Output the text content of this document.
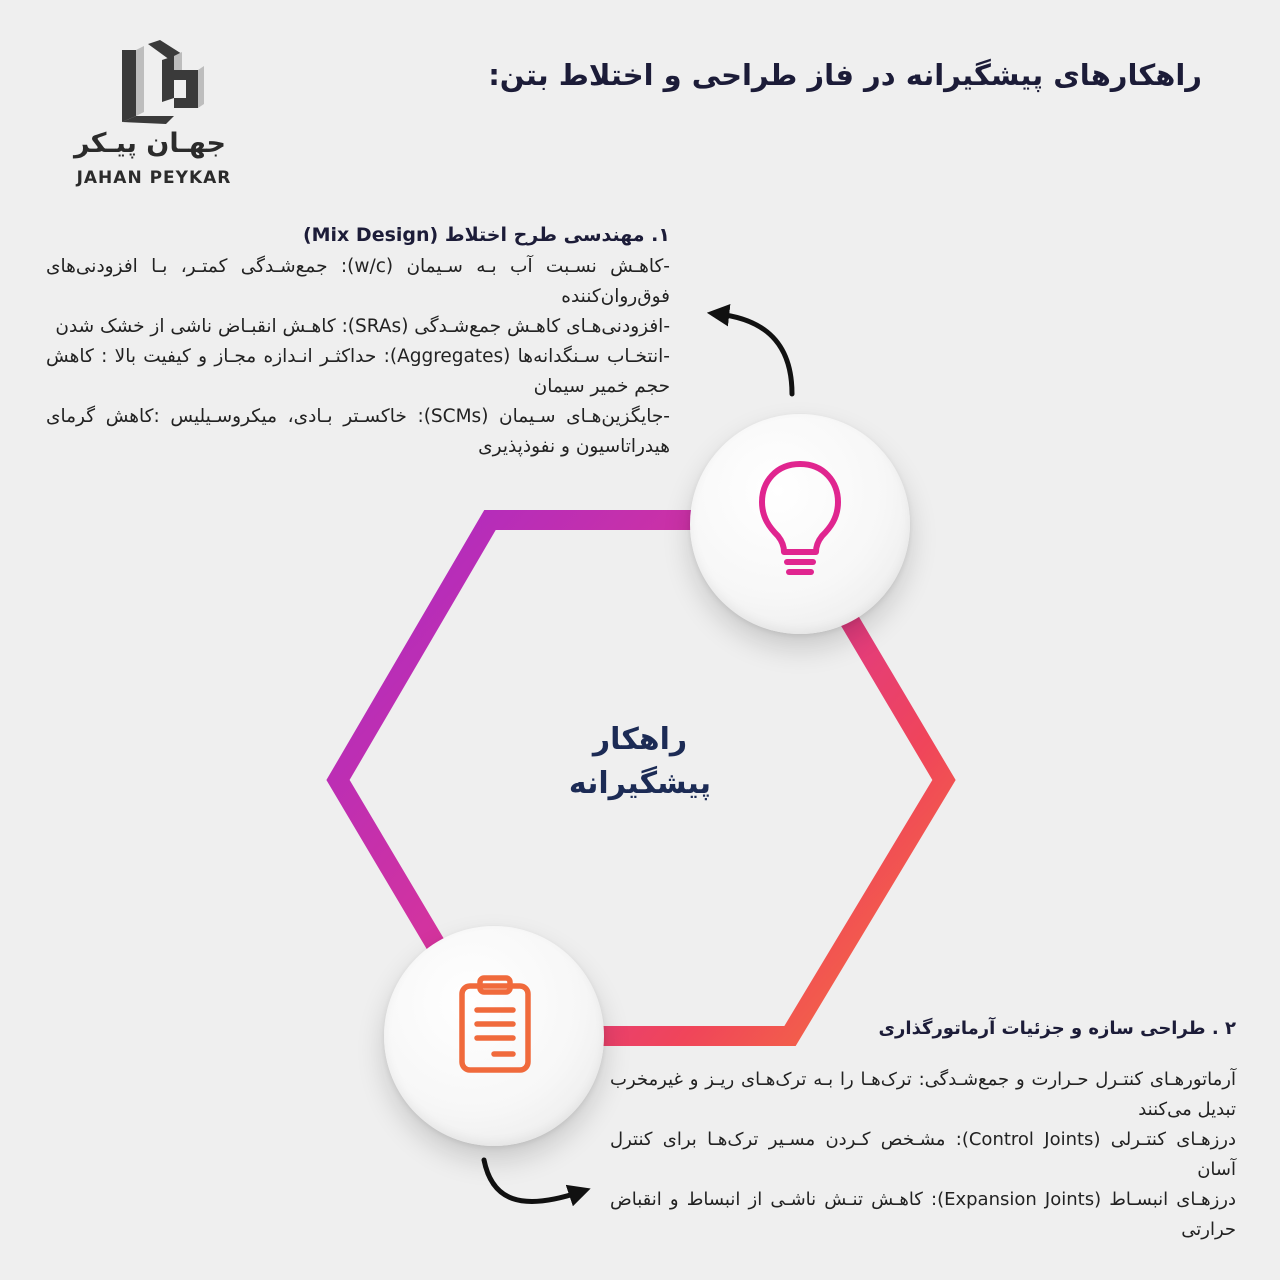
جهـان پیـکر
JAHAN PEYKAR
راهکارهای پیشگیرانه در فاز طراحی و اختلاط بتن:
۱. مهندسی طرح اختلاط (Mix Design)
-کاهـش نسـبت آب بـه سـیمان (w/c): جمع‌شـدگی کمتـر، بـا افزودنی‌های فوق‌روان‌کننده
-افزودنی‌هـای کاهـش جمع‌شـدگی (SRAs): کاهـش انقبـاض ناشی از خشک شدن
-انتخـاب سـنگدانه‌ها (Aggregates): حداکثـر انـدازه مجـاز و کیفیت بالا : کاهش حجم خمیر سیمان
-جایگزین‌هـای سـیمان (SCMs): خاکسـتر بـادی، میکروسـیلیس :کاهش گرمای هیدراتاسیون و نفوذپذیری
راهکار
پیشگیرانه
۲ . طراحی سازه و جزئیات آرماتورگذاری
آرماتورهـای کنتـرل حـرارت و جمع‌شـدگی: ترک‌هـا را بـه ترک‌هـای ریـز و غیرمخرب تبدیل می‌کنند
درزهـای کنتـرلی (Control Joints): مشـخص کـردن مسـیر ترک‌هـا برای کنترل آسان
درزهـای انبسـاط (Expansion Joints): کاهـش تنـش ناشـی از انبساط و انقباض حرارتی
